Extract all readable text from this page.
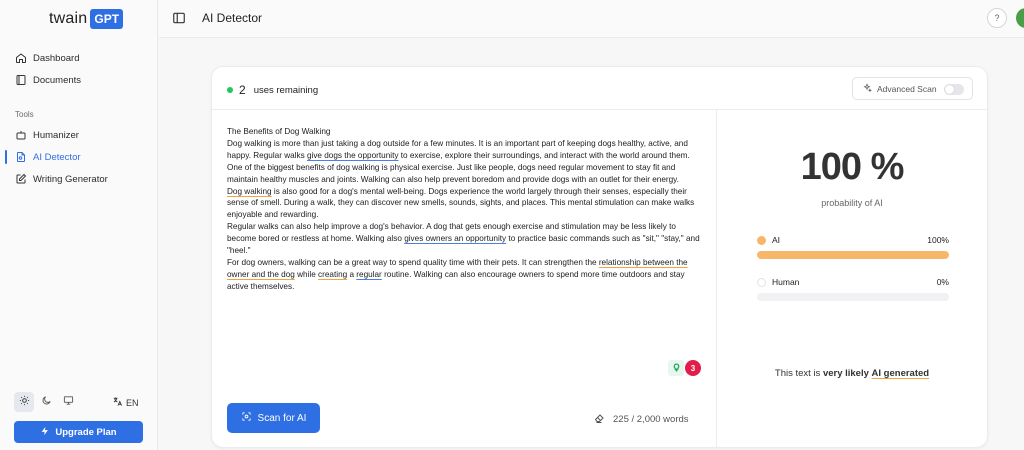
twain GPT
Dashboard
Documents
Tools
Humanizer
AI Detector
Writing Generator
EN
Upgrade Plan
AI Detector	?
2 uses remaining	Advanced Scan

The Benefits of Dog Walking

Dog walking is more than just taking a dog outside for a few minutes. It is an important part of keeping dogs healthy, active, and happy. Regular walks give dogs the opportunity to exercise, explore their surroundings, and interact with the world around them.

One of the biggest benefits of dog walking is physical exercise. Just like people, dogs need regular movement to stay fit and maintain healthy muscles and joints. Walking can also help prevent boredom and provide dogs with an outlet for their energy.

Dog walking is also good for a dog's mental well-being. Dogs experience the world largely through their senses, especially their sense of smell. During a walk, they can discover new smells, sounds, sights, and places. This mental stimulation can make walks enjoyable and rewarding.

Regular walks can also help improve a dog's behavior. A dog that gets enough exercise and stimulation may be less likely to become bored or restless at home. Walking also gives owners an opportunity to practice basic commands such as "sit," "stay," and "heel."

For dog owners, walking can be a great way to spend quality time with their pets. It can strengthen the relationship between the owner and the dog while creating a regular routine. Walking can also encourage owners to spend more time outdoors and stay active themselves.

3
Scan for AI	225 / 2,000 words
100 %
probability of AI
AI	100%
Human	0%
This text is very likely AI generated
